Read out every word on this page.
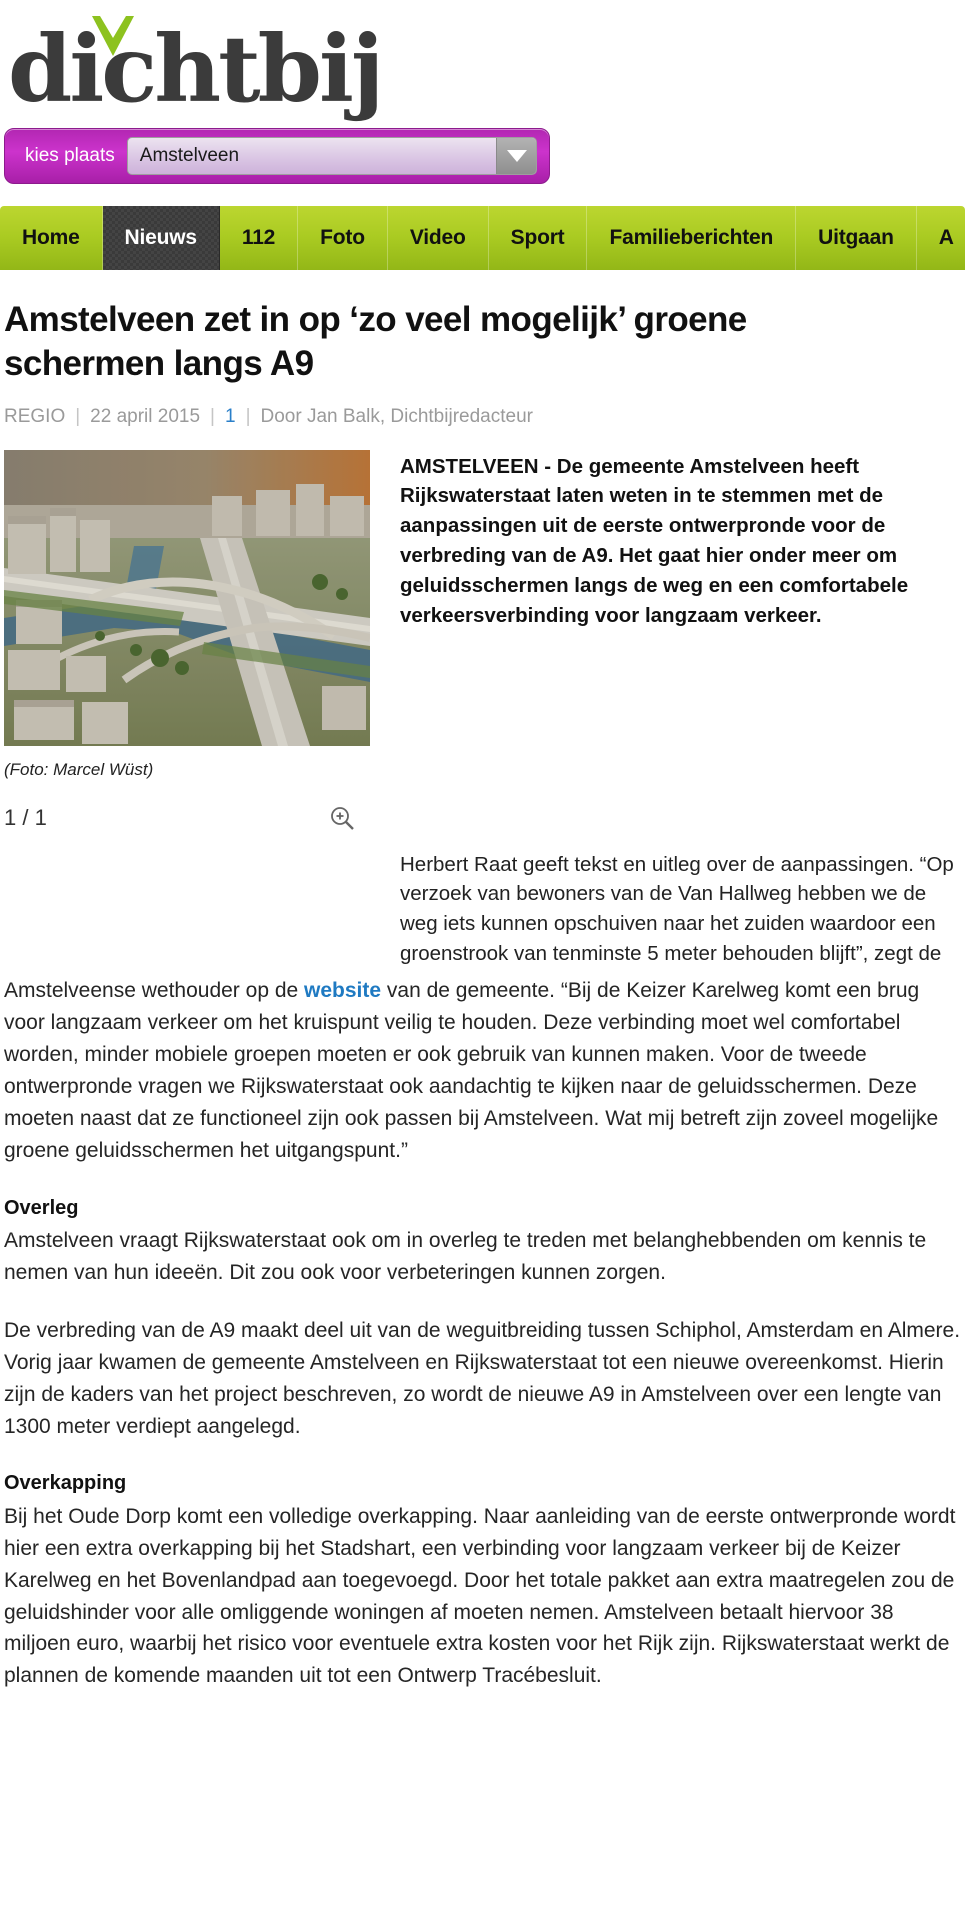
dichtbij
kies plaats	Amstelveen
Home	Nieuws	112	Foto	Video	Sport	Familieberichten	Uitgaan	A
Amstelveen zet in op ‘zo veel mogelijk’ groene schermen langs A9
REGIO | 22 april 2015 | 1 | Door Jan Balk, Dichtbijredacteur
(Foto: Marcel Wüst)
1 / 1
AMSTELVEEN - De gemeente Amstelveen heeft Rijkswaterstaat laten weten in te stemmen met de aanpassingen uit de eerste ontwerpronde voor de verbreding van de A9. Het gaat hier onder meer om geluidsschermen langs de weg en een comfortabele verkeersverbinding voor langzaam verkeer.

Herbert Raat geeft tekst en uitleg over de aanpassingen. “Op verzoek van bewoners van de Van Hallweg hebben we de weg iets kunnen opschuiven naar het zuiden waardoor een groenstrook van tenminste 5 meter behouden blijft”, zegt de

Amstelveense wethouder op de website van de gemeente. “Bij de Keizer Karelweg komt een brug voor langzaam verkeer om het kruispunt veilig te houden. Deze verbinding moet wel comfortabel worden, minder mobiele groepen moeten er ook gebruik van kunnen maken. Voor de tweede ontwerpronde vragen we Rijkswaterstaat ook aandachtig te kijken naar de geluidsschermen. Deze moeten naast dat ze functioneel zijn ook passen bij Amstelveen. Wat mij betreft zijn zoveel mogelijke groene geluidsschermen het uitgangspunt.”

Overleg

Amstelveen vraagt Rijkswaterstaat ook om in overleg te treden met belanghebbenden om kennis te nemen van hun ideeën. Dit zou ook voor verbeteringen kunnen zorgen.

De verbreding van de A9 maakt deel uit van de weguitbreiding tussen Schiphol, Amsterdam en Almere. Vorig jaar kwamen de gemeente Amstelveen en Rijkswaterstaat tot een nieuwe overeenkomst. Hierin zijn de kaders van het project beschreven, zo wordt de nieuwe A9 in Amstelveen over een lengte van 1300 meter verdiept aangelegd.

Overkapping

Bij het Oude Dorp komt een volledige overkapping. Naar aanleiding van de eerste ontwerpronde wordt hier een extra overkapping bij het Stadshart, een verbinding voor langzaam verkeer bij de Keizer Karelweg en het Bovenlandpad aan toegevoegd. Door het totale pakket aan extra maatregelen zou de geluidshinder voor alle omliggende woningen af moeten nemen. Amstelveen betaalt hiervoor 38 miljoen euro, waarbij het risico voor eventuele extra kosten voor het Rijk zijn. Rijkswaterstaat werkt de plannen de komende maanden uit tot een Ontwerp Tracébesluit.
